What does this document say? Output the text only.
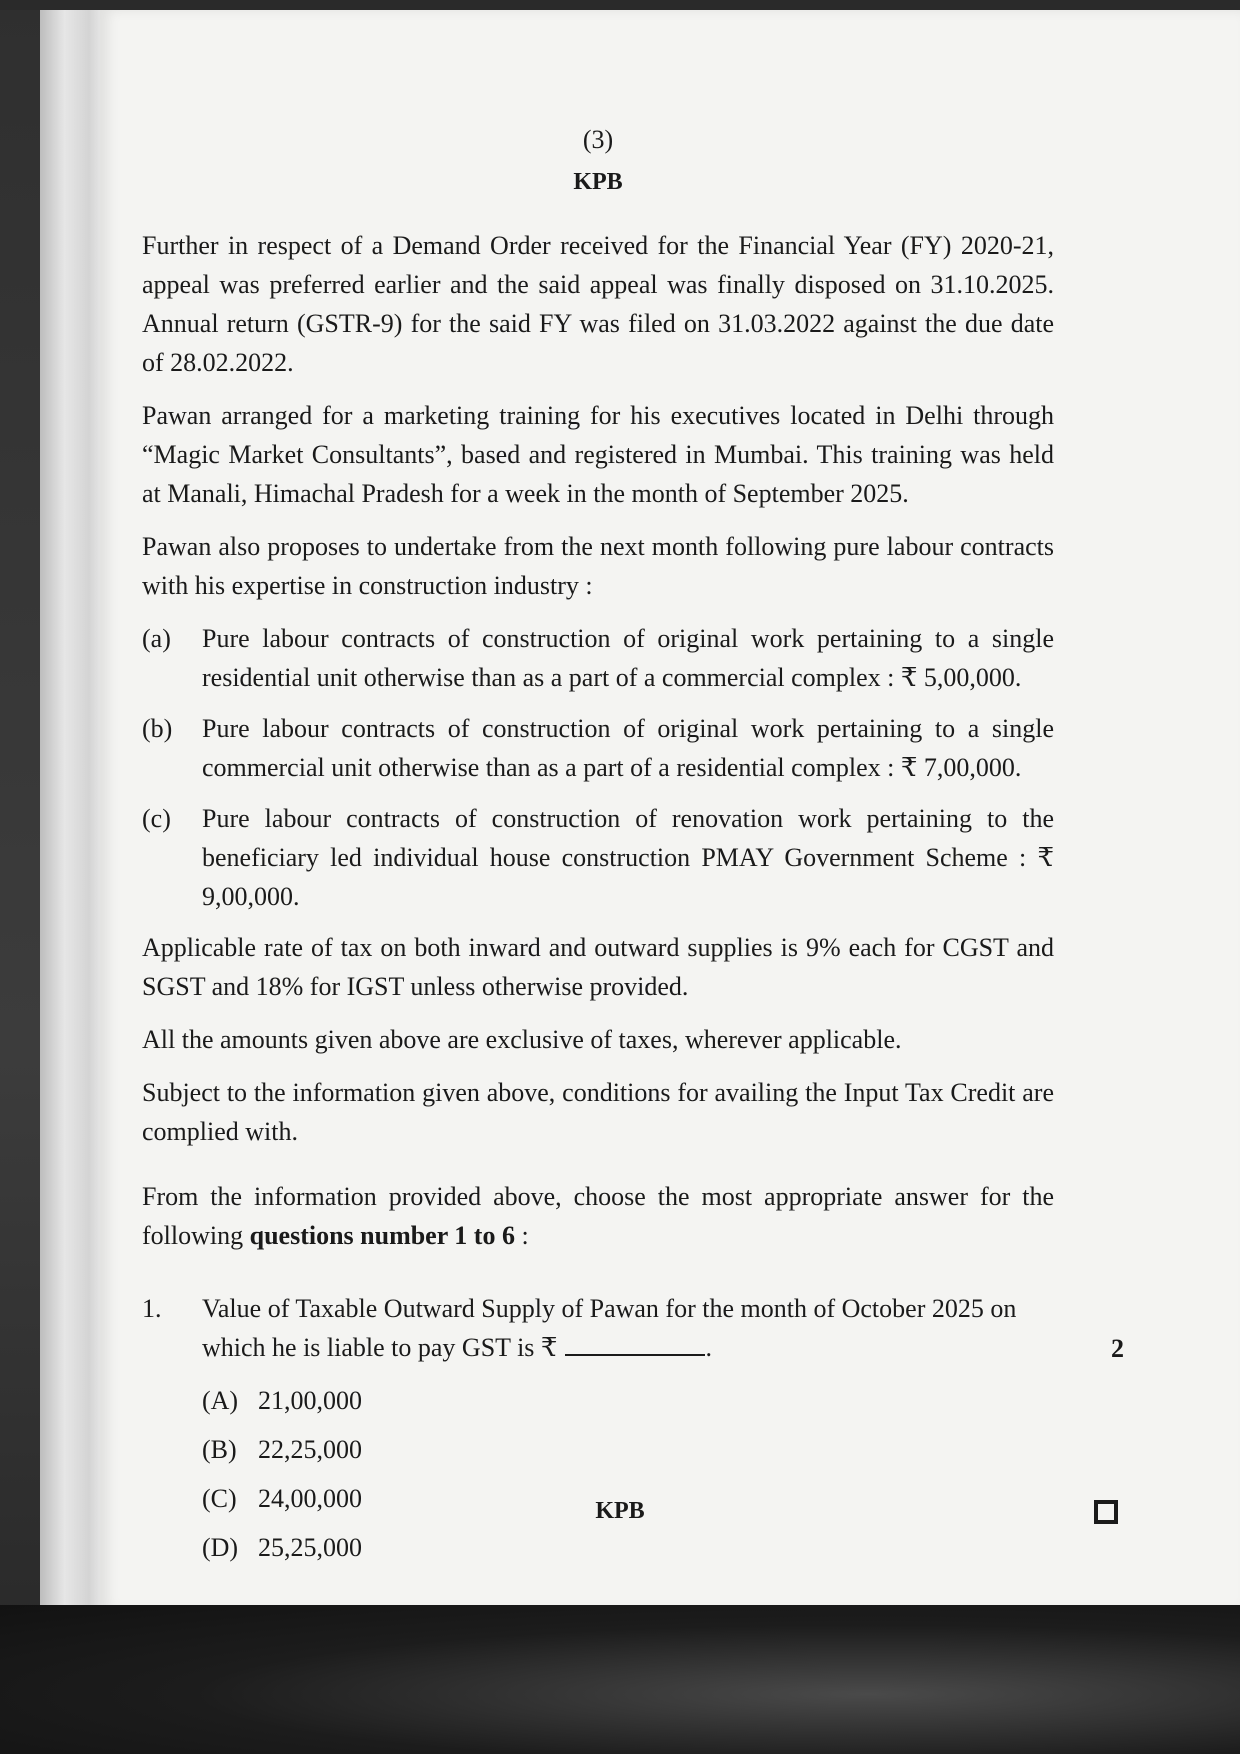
(3)
KPB

Further in respect of a Demand Order received for the Financial Year (FY) 2020-21, appeal was preferred earlier and the said appeal was finally disposed on 31.10.2025. Annual return (GSTR-9) for the said FY was filed on 31.03.2022 against the due date of 28.02.2022.

Pawan arranged for a marketing training for his executives located in Delhi through “Magic Market Consultants”, based and registered in Mumbai. This training was held at Manali, Himachal Pradesh for a week in the month of September 2025.

Pawan also proposes to undertake from the next month following pure labour contracts with his expertise in construction industry :

(a)	Pure labour contracts of construction of original work pertaining to a single residential unit otherwise than as a part of a commercial complex : ₹ 5,00,000.
(b)	Pure labour contracts of construction of original work pertaining to a single commercial unit otherwise than as a part of a residential complex : ₹ 7,00,000.
(c)	Pure labour contracts of construction of renovation work pertaining to the beneficiary led individual house construction PMAY Government Scheme : ₹ 9,00,000.

Applicable rate of tax on both inward and outward supplies is 9% each for CGST and SGST and 18% for IGST unless otherwise provided.

All the amounts given above are exclusive of taxes, wherever applicable.

Subject to the information given above, conditions for availing the Input Tax Credit are complied with.

From the information provided above, choose the most appropriate answer for the following questions number 1 to 6 :

1.	Value of Taxable Outward Supply of Pawan for the month of October 2025 on which he is liable to pay GST is ₹	.	2
(A) 21,00,000
(B) 22,25,000
(C) 24,00,000
(D) 25,25,000
KPB
